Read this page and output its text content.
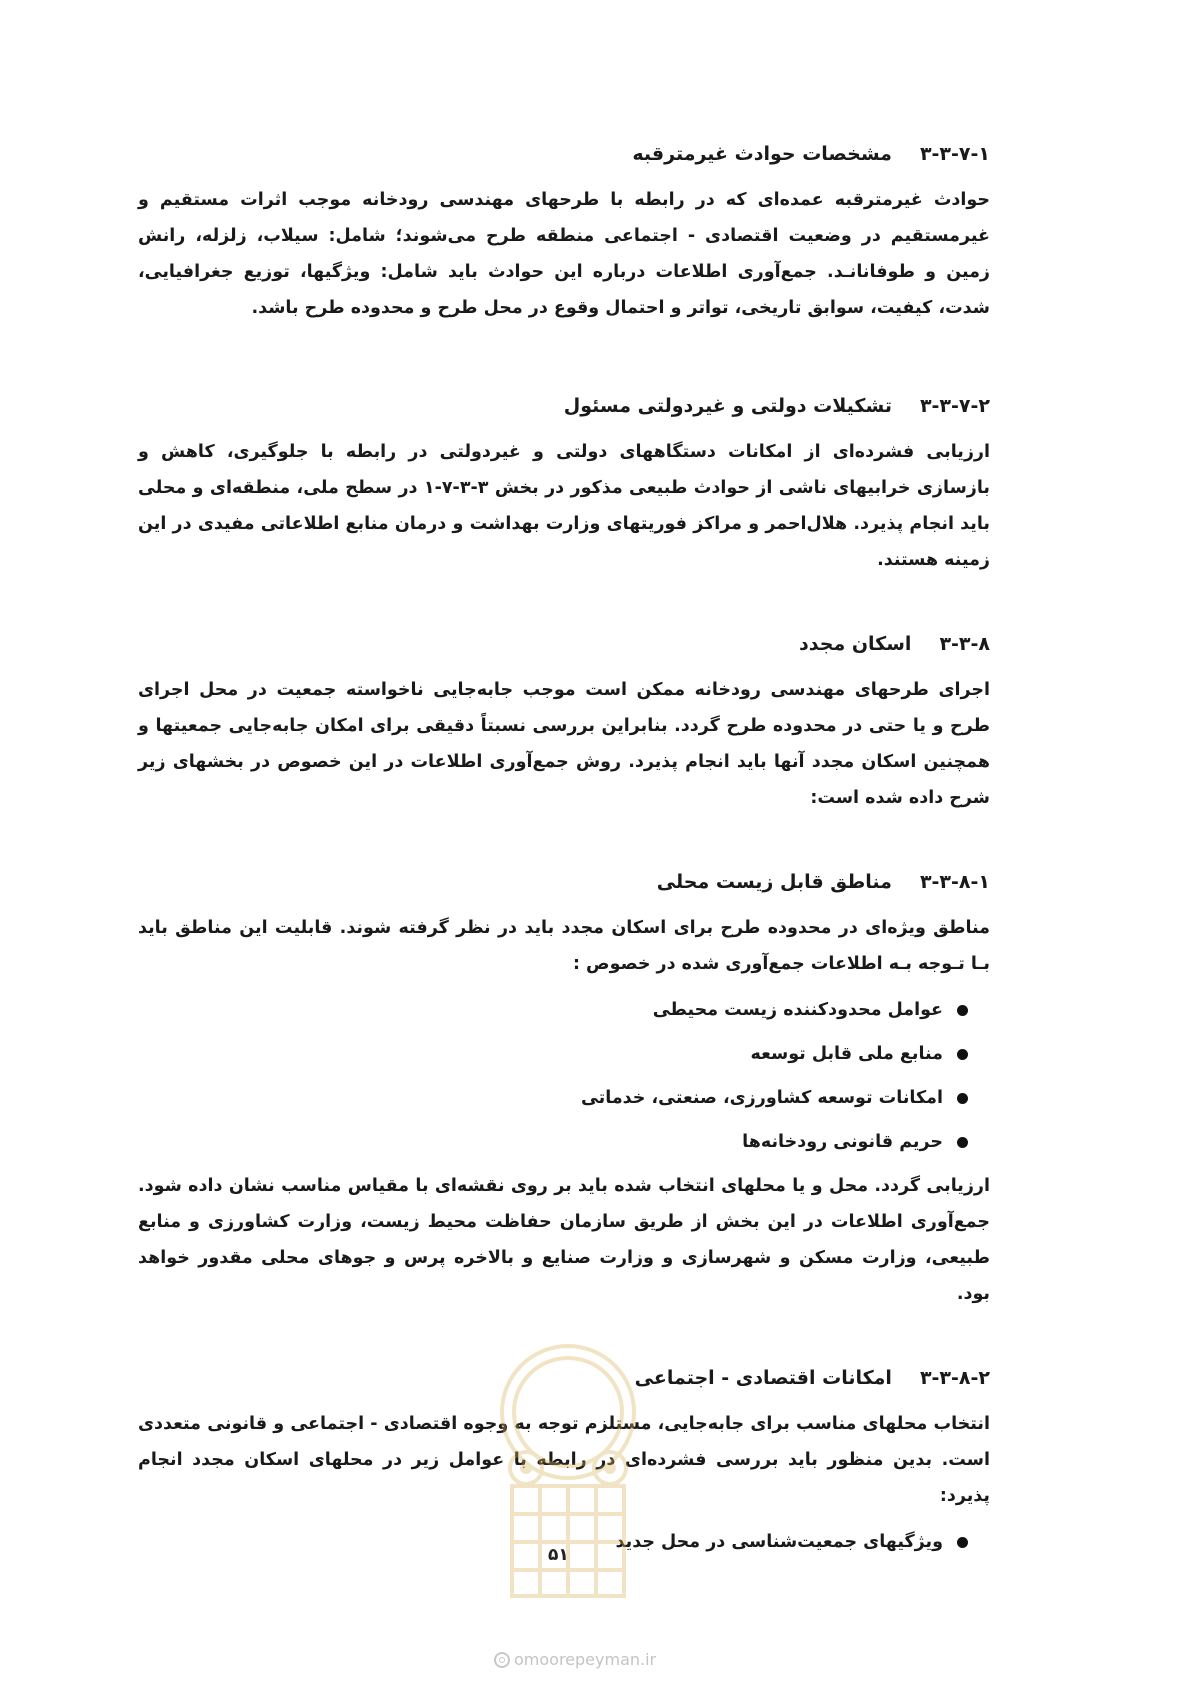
۳-۳-۷-۱
مشخصات حوادث غیرمترقبه

حوادث غیرمترقبه عمده‌ای که در رابطه با طرحهای مهندسی رودخانه موجب اثرات مستقیم و غیرمستقیم در وضعیت اقتصادی - اجتماعی منطقه طرح می‌شوند؛ شامل: سیلاب، زلزله، رانش زمین و طوفانانـد. جمع‌آوری اطلاعات درباره این حوادث باید شامل: ویژگیها، توزیع جغرافیایی، شدت، کیفیت، سوابق تاریخی، تواتر و احتمال وقوع در محل طرح و محدوده طرح باشد.

۳-۳-۷-۲
تشکیلات دولتی و غیردولتی مسئول

ارزیابی فشرده‌ای از امکانات دستگاههای دولتی و غیردولتی در رابطه با جلوگیری، کاهش و بازسازی خرابیهای ناشی از حوادث طبیعی مذکور در بخش ۳-۳-۷-۱ در سطح ملی، منطقه‌ای و محلی باید انجام پذیرد. هلال‌احمر و مراکز فوریتهای وزارت بهداشت و درمان منابع اطلاعاتی مفیدی در این زمینه هستند.

۳-۳-۸
اسکان مجدد

اجرای طرحهای مهندسی رودخانه ممکن است موجب جابه‌جایی ناخواسته جمعیت در محل اجرای طرح و یا حتی در محدوده طرح گردد. بنابراین بررسی نسبتاً دقیقی برای امکان جابه‌جایی جمعیتها و همچنین اسکان مجدد آنها باید انجام پذیرد. روش جمع‌آوری اطلاعات در این خصوص در بخشهای زیر شرح داده شده است:

۳-۳-۸-۱
مناطق قابل زیست محلی

مناطق ویژه‌ای در محدوده طرح برای اسکان مجدد باید در نظر گرفته شوند. قابلیت این مناطق باید بـا تـوجه بـه اطلاعات جمع‌آوری شده در خصوص :

عوامل محدودکننده زیست محیطی
منابع ملی قابل توسعه
امکانات توسعه کشاورزی، صنعتی، خدماتی
حریم قانونی رودخانه‌ها

ارزیابی گردد. محل و یا محلهای انتخاب شده باید بر روی نقشه‌ای با مقیاس مناسب نشان داده شود. جمع‌آوری اطلاعات در این بخش از طریق سازمان حفاظت محیط زیست، وزارت کشاورزی و منابع طبیعی، وزارت مسکن و شهرسازی و وزارت صنایع و بالاخره پرس و جوهای محلی مقدور خواهد بود.

۳-۳-۸-۲
امکانات اقتصادی - اجتماعی

انتخاب محلهای مناسب برای جابه‌جایی، مستلزم توجه به وجوه اقتصادی - اجتماعی و قانونی متعددی است. بدین منظور باید بررسی فشرده‌ای در رابطه با عوامل زیر در محلهای اسکان مجدد انجام پذیرد:

ویژگیهای جمعیت‌شناسی در محل جدید
۵۱
omoorepeyman.ir
